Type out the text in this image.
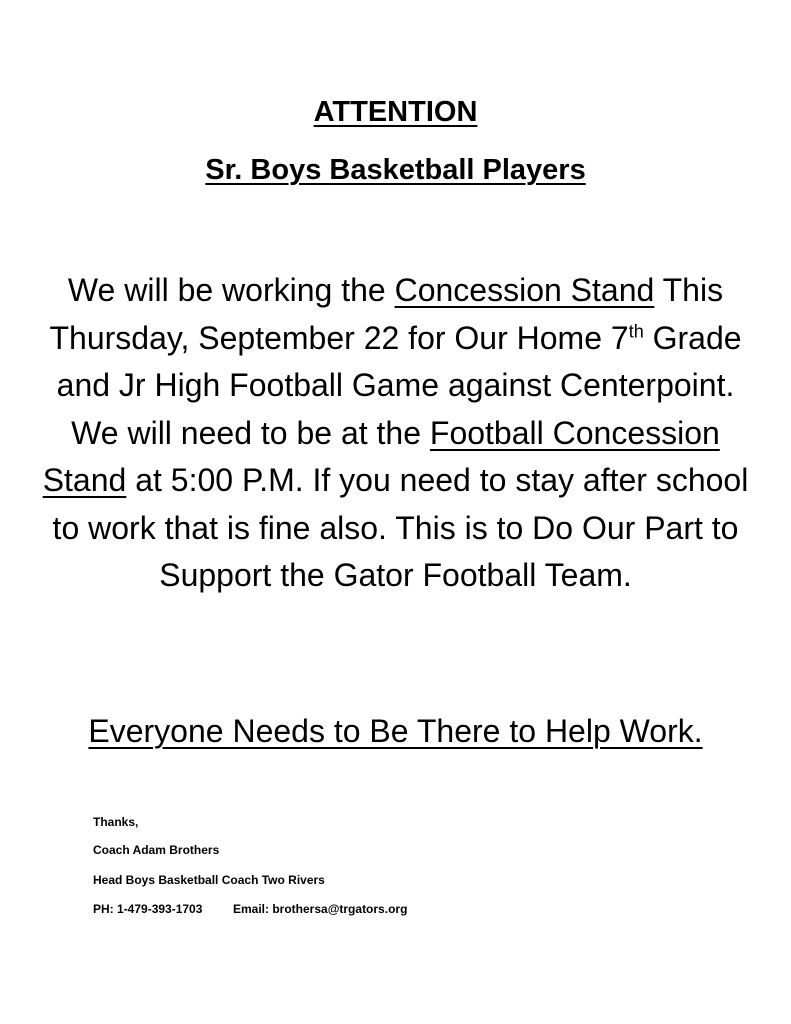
ATTENTION
Sr. Boys Basketball Players
We will be working the Concession Stand This Thursday, September 22 for Our Home 7th Grade and Jr High Football Game against Centerpoint. We will need to be at the Football Concession Stand at 5:00 P.M. If you need to stay after school to work that is fine also. This is to Do Our Part to Support the Gator Football Team.
Everyone Needs to Be There to Help Work.
Thanks,
Coach Adam Brothers
Head Boys Basketball Coach Two Rivers
PH: 1-479-393-1703	Email: brothersa@trgators.org
